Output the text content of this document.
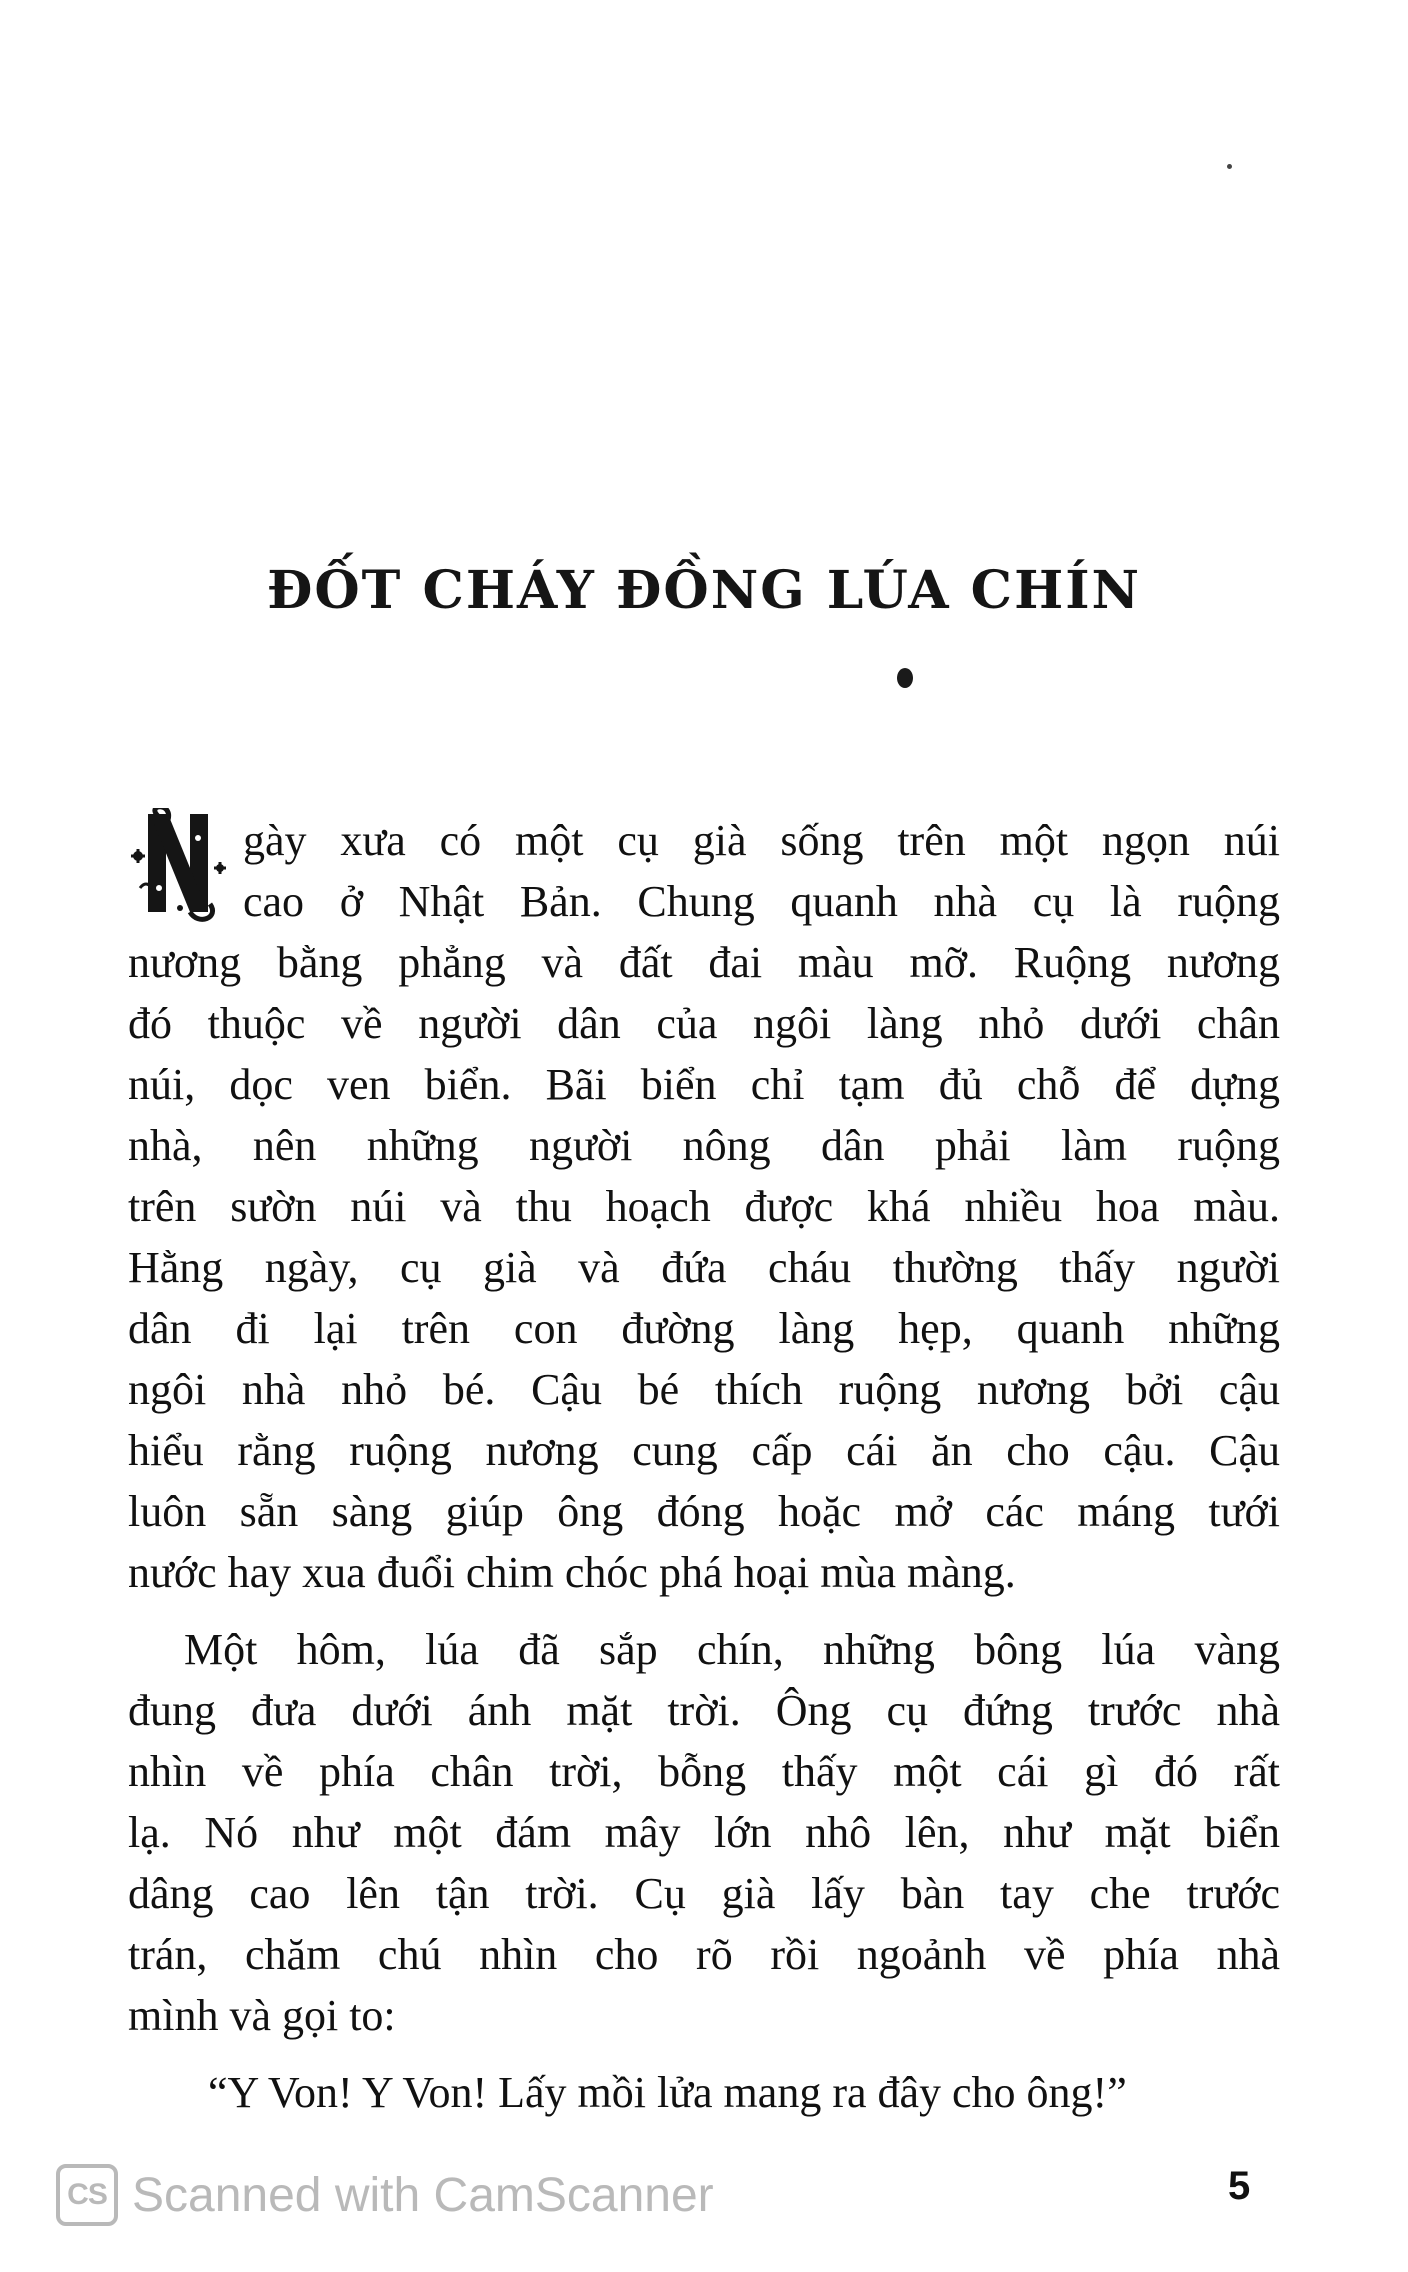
ĐỐT CHÁY ĐỒNG LÚA CHÍN
gày xưa có một cụ già sống trên một ngọn núi
cao ở Nhật Bản. Chung quanh nhà cụ là ruộng
nương bằng phẳng và đất đai màu mỡ. Ruộng nương
đó thuộc về người dân của ngôi làng nhỏ dưới chân
núi, dọc ven biển. Bãi biển chỉ tạm đủ chỗ để dựng
nhà, nên những người nông dân phải làm ruộng
trên sườn núi và thu hoạch được khá nhiều hoa màu.
Hằng ngày, cụ già và đứa cháu thường thấy người
dân đi lại trên con đường làng hẹp, quanh những
ngôi nhà nhỏ bé. Cậu bé thích ruộng nương bởi cậu
hiểu rằng ruộng nương cung cấp cái ăn cho cậu. Cậu
luôn sẵn sàng giúp ông đóng hoặc mở các máng tưới
nước hay xua đuổi chim chóc phá hoại mùa màng.
Một hôm, lúa đã sắp chín, những bông lúa vàng
đung đưa dưới ánh mặt trời. Ông cụ đứng trước nhà
nhìn về phía chân trời, bỗng thấy một cái gì đó rất
lạ. Nó như một đám mây lớn nhô lên, như mặt biển
dâng cao lên tận trời. Cụ già lấy bàn tay che trước
trán, chăm chú nhìn cho rõ rồi ngoảnh về phía nhà
mình và gọi to:
“Y Von! Y Von! Lấy mồi lửa mang ra đây cho ông!”
CS Scanned with CamScanner	5
